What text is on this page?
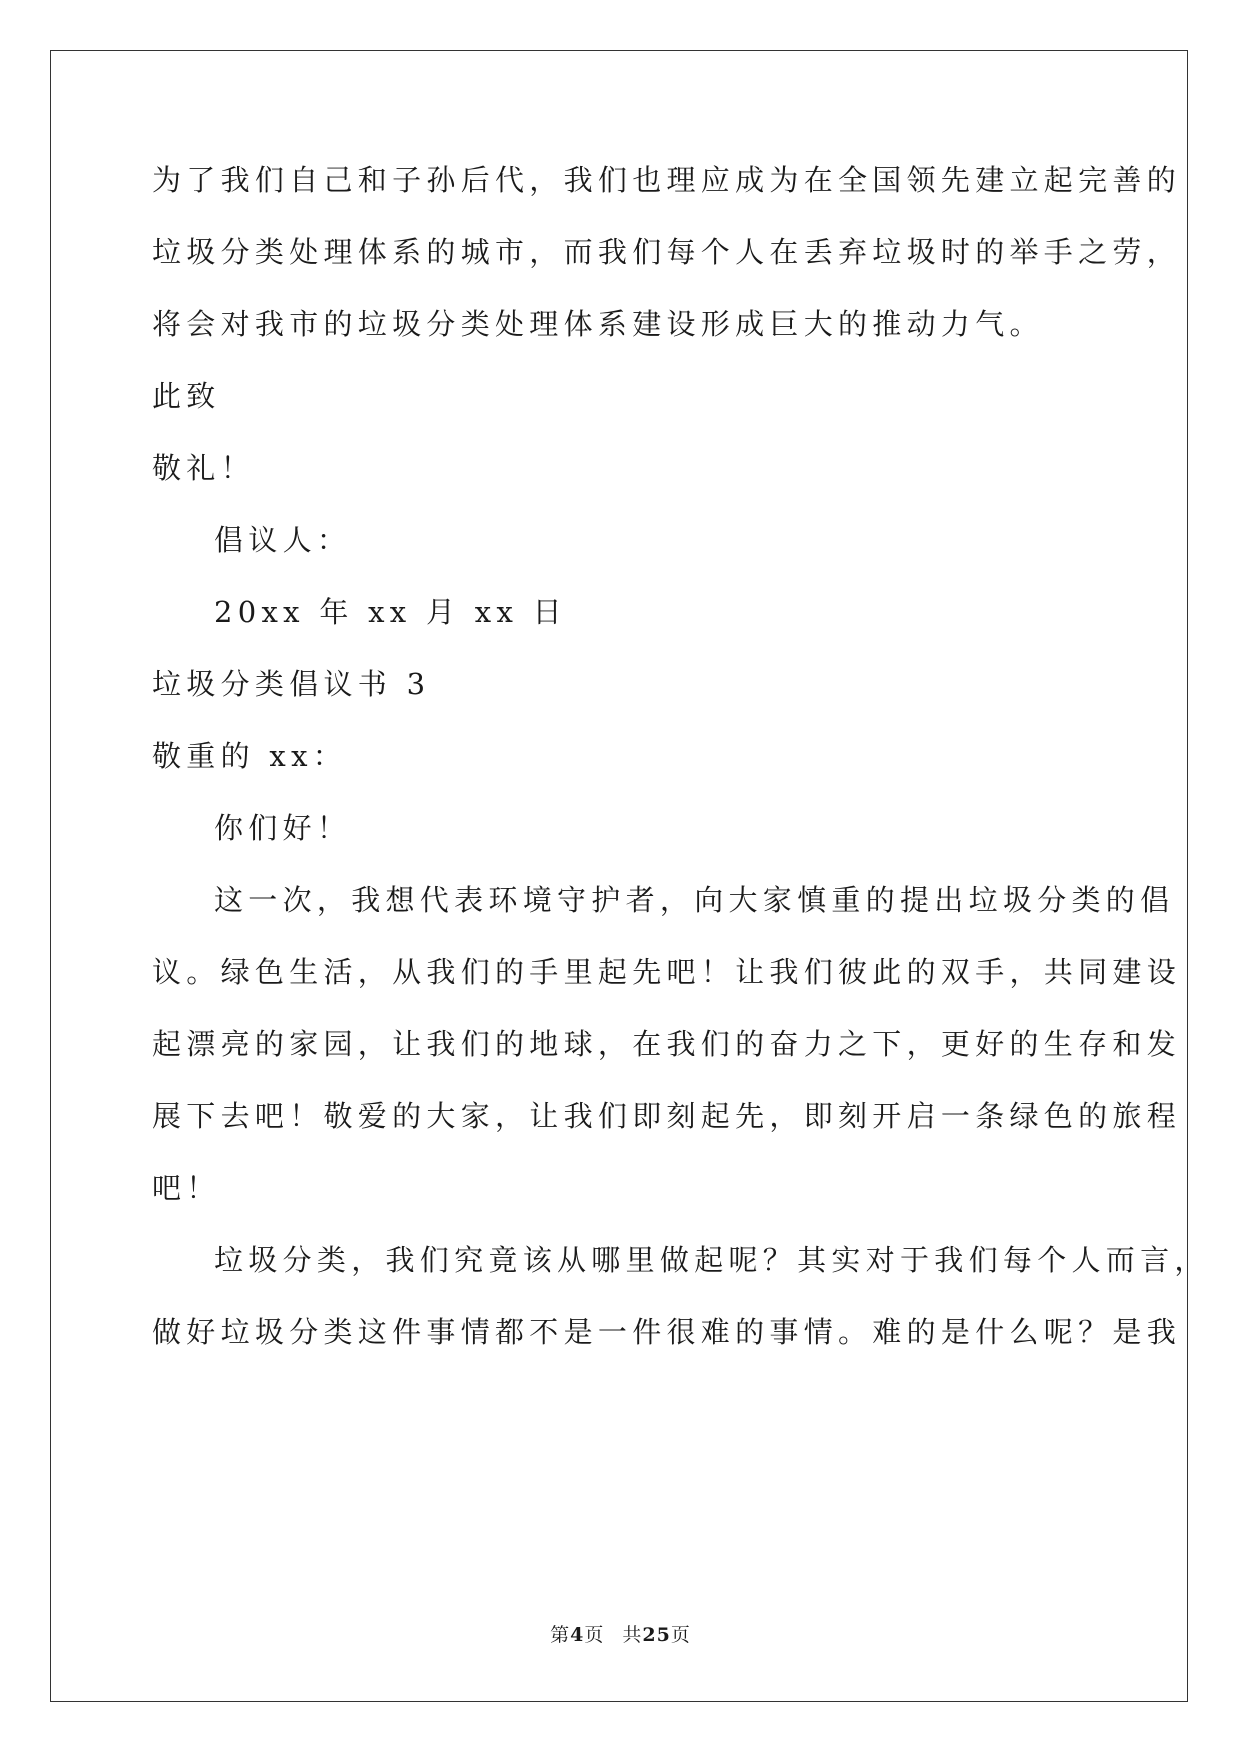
为了我们自己和子孙后代，我们也理应成为在全国领先建立起完善的
垃圾分类处理体系的城市，而我们每个人在丢弃垃圾时的举手之劳，
将会对我市的垃圾分类处理体系建设形成巨大的推动力气。
此致
敬礼！
倡议人：
20xx 年 xx 月 xx 日
垃圾分类倡议书 3
敬重的 xx：
你们好！
这一次，我想代表环境守护者，向大家慎重的提出垃圾分类的倡
议。绿色生活，从我们的手里起先吧！让我们彼此的双手，共同建设
起漂亮的家园，让我们的地球，在我们的奋力之下，更好的生存和发
展下去吧！敬爱的大家，让我们即刻起先，即刻开启一条绿色的旅程
吧！
垃圾分类，我们究竟该从哪里做起呢？其实对于我们每个人而言，
做好垃圾分类这件事情都不是一件很难的事情。难的是什么呢？是我
第4页 共25页
